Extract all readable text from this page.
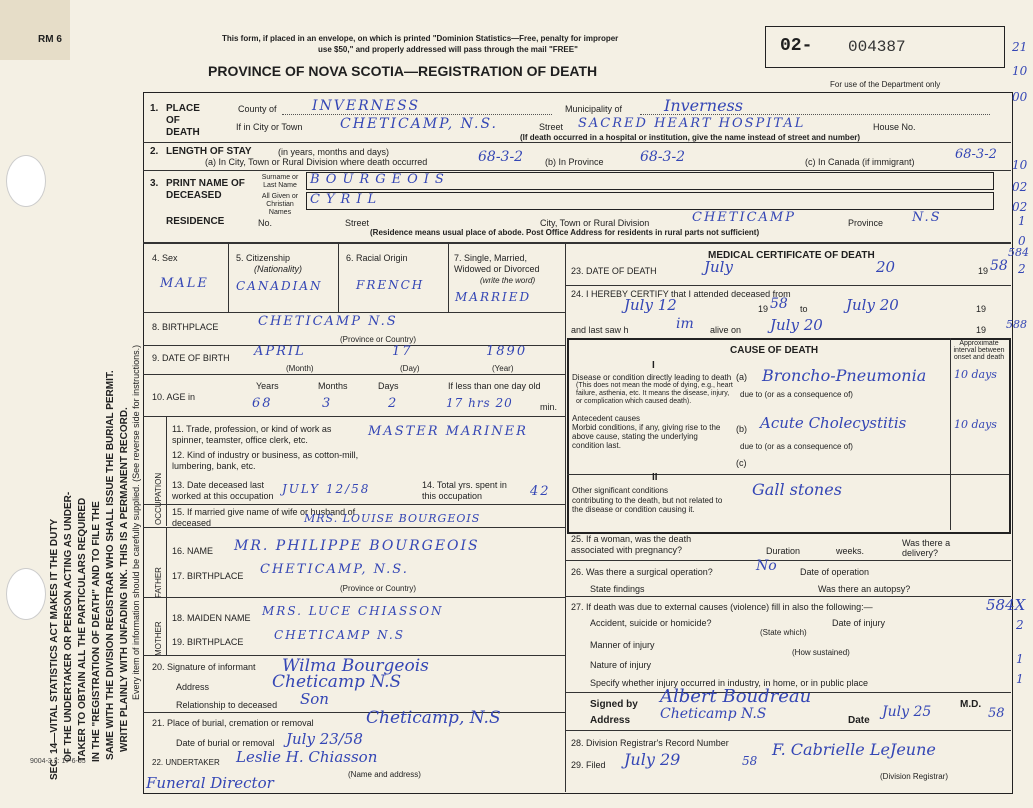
RM 6	This form, if placed in an envelope, on which is printed "Dominion Statistics—Free, penalty for improper
use $50," and properly addressed will pass through the mail "FREE"
PROVINCE OF NOVA SCOTIA—REGISTRATION OF DEATH
02- 004387
For use of the Department only
SEC. 14—VITAL STATISTICS ACT MAKES IT THE DUTY OF THE UNDERTAKER OR PERSON ACTING AS UNDER- TAKER TO OBTAIN ALL THE PARTICULARS REQUIRED IN THE "REGISTRATION OF DEATH" AND TO FILE THE SAME WITH THE DIVISION REGISTRAR WHO SHALL ISSUE THE BURIAL PERMIT. WRITE PLAINLY WITH UNFADING INK. THIS IS A PERMANENT RECORD. Every item of information should be carefully supplied. (See reverse side for instructions.)
1. PLACE OF DEATH
County of	INVERNESS	Municipality of	Inverness
If in City or Town	CHETICAMP, N.S.	Street SACRED HEART HOSPITAL	House No.
(If death occurred in a hospital or institution, give the name instead of street and number)
2. LENGTH OF STAY	(in years, months and days)
(a) In City, Town or Rural Division where death occurred	68-3-2 (b) In Province	68-3-2	(c) In Canada (if immigrant)	68-3-2
3. PRINT NAME OF DECEASED
Surname or Last Name	BOURGEOIS
All Given or Christian Names
CYRIL
RESIDENCE	No.	Street	City, Town or Rural Division	CHETICAMP	Province N.S
(Residence means usual place of abode. Post Office Address for residents in rural parts not sufficient)
4. Sex
MALE
5. Citizenship
(Nationality)
CANADIAN
6. Racial Origin
FRENCH
7. Single, Married, Widowed or Divorced
(write the word)
MARRIED
8. BIRTHPLACE	CHETICAMP N.S
(Province or Country)
9. DATE OF BIRTH APRIL	17	1890
(Month)	(Day)	(Year)
10. AGE in
Years	Months	Days	If less than one day old
68	3	2	17 hrs 20	min.
OCCUPATION
11. Trade, profession, or kind of work as spinner, teamster, office clerk, etc.
MASTER MARINER
12. Kind of industry or business, as cotton-mill, lumbering, bank, etc.
13. Date deceased last worked at this occupation JULY 12/58	14. Total yrs. spent in this occupation	42
15. If married give name of wife or husband of deceased	MRS. LOUISE BOURGEOIS
FATHER
16. NAME MR. PHILIPPE BOURGEOIS
17. BIRTHPLACE CHETICAMP, N.S.
(Province or Country)
MOTHER
18. MAIDEN NAME MRS. LUCE CHIASSON
19. BIRTHPLACE	CHETICAMP N.S
20. Signature of informant Wilma Bourgeois
Address	Cheticamp N.S
Relationship to deceased Son
21. Place of burial, cremation or removal	Cheticamp, N.S
Date of burial or removal July 23/58
22. UNDERTAKER Leslie H. Chiasson
(Name and address)
Funeral Director
9004-3.2: 17-6-55
MEDICAL CERTIFICATE OF DEATH
23. DATE OF DEATH	July	20	19 58
24. I HEREBY CERTIFY that I attended deceased from
July 12	19 58 to	July 20	19
and last saw h	im alive on July 20	19
CAUSE OF DEATH
Approximate interval between onset and death
I
Disease or condition directly leading to death
(This does not mean the mode of dying, e.g., heart failure, asthenia, etc. It means the disease, injury, or complication which caused death).
(a) Broncho-Pneumonia	10 days
due to (or as a consequence of)
Antecedent causes
Morbid conditions, if any, giving rise to the above cause, stating the underlying condition last.
(b) Acute Cholecystitis	10 days
due to (or as a consequence of)
(c)
II
Other significant conditions
contributing to the death, but not related to the disease or condition causing it.
Gall stones
25. If a woman, was the death associated with pregnancy?	Duration	weeks.
Was there a delivery?
26. Was there a surgical operation?	No	Date of operation
State findings	Was there an autopsy?
27. If death was due to external causes (violence) fill in also the following:—
Accident, suicide or homicide?
(State which)
Date of injury
Manner of injury
(How sustained)
Nature of injury
Specify whether injury occurred in industry, in home, or in public place
Signed by Albert Boudreau	M.D.
Address Cheticamp N.S	Date
July 25	58
28. Division Registrar's Record Number
29. Filed July 29	58
F. Cabrielle LeJeune
(Division Registrar)
21
10
00
02
10
02
1
0
584
2
588
584X
2
1
1
